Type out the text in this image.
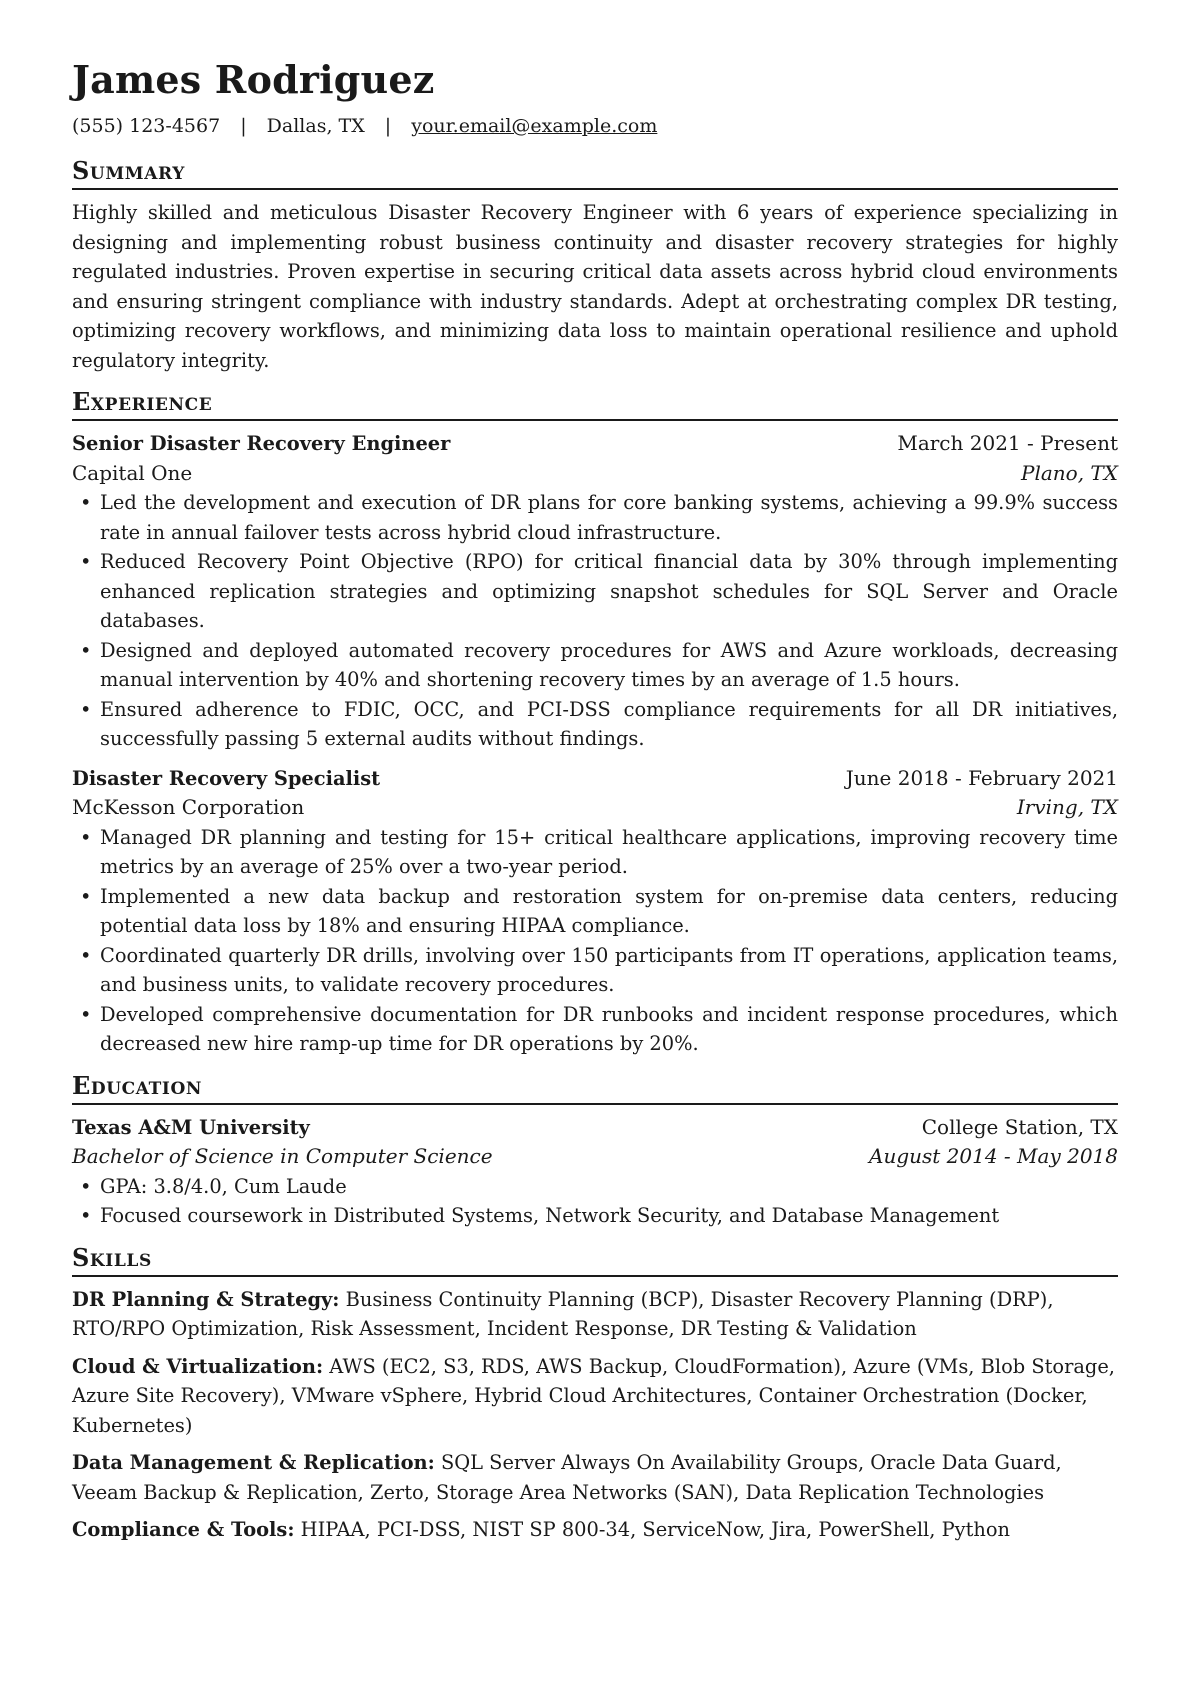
James Rodriguez
(555) 123-4567 | Dallas, TX | your.email@example.com
Summary
Highly skilled and meticulous Disaster Recovery Engineer with 6 years of experience specializing in designing and implementing robust business continuity and disaster recovery strategies for highly regulated industries. Proven expertise in securing critical data assets across hybrid cloud environments and ensuring stringent compliance with industry standards. Adept at orchestrating complex DR testing, optimizing recovery workflows, and minimizing data loss to maintain operational resilience and uphold regulatory integrity.
Experience
Senior Disaster Recovery Engineer	March 2021 - Present
Capital One	Plano, TX
• Led the development and execution of DR plans for core banking systems, achieving a 99.9% success rate in annual failover tests across hybrid cloud infrastructure.
• Reduced Recovery Point Objective (RPO) for critical financial data by 30% through implementing enhanced replication strategies and optimizing snapshot schedules for SQL Server and Oracle databases.
• Designed and deployed automated recovery procedures for AWS and Azure workloads, decreasing manual intervention by 40% and shortening recovery times by an average of 1.5 hours.
• Ensured adherence to FDIC, OCC, and PCI-DSS compliance requirements for all DR initiatives, successfully passing 5 external audits without findings.
Disaster Recovery Specialist	June 2018 - February 2021
McKesson Corporation	Irving, TX
• Managed DR planning and testing for 15+ critical healthcare applications, improving recovery time metrics by an average of 25% over a two-year period.
• Implemented a new data backup and restoration system for on-premise data centers, reducing potential data loss by 18% and ensuring HIPAA compliance.
• Coordinated quarterly DR drills, involving over 150 participants from IT operations, application teams, and business units, to validate recovery procedures.
• Developed comprehensive documentation for DR runbooks and incident response procedures, which decreased new hire ramp-up time for DR operations by 20%.
Education
Texas A&M University	College Station, TX
Bachelor of Science in Computer Science	August 2014 - May 2018
• GPA: 3.8/4.0, Cum Laude
• Focused coursework in Distributed Systems, Network Security, and Database Management
Skills
DR Planning & Strategy: Business Continuity Planning (BCP), Disaster Recovery Planning (DRP), RTO/RPO Optimization, Risk Assessment, Incident Response, DR Testing & Validation
Cloud & Virtualization: AWS (EC2, S3, RDS, AWS Backup, CloudFormation), Azure (VMs, Blob Storage, Azure Site Recovery), VMware vSphere, Hybrid Cloud Architectures, Container Orchestration (Docker, Kubernetes)
Data Management & Replication: SQL Server Always On Availability Groups, Oracle Data Guard, Veeam Backup & Replication, Zerto, Storage Area Networks (SAN), Data Replication Technologies
Compliance & Tools: HIPAA, PCI-DSS, NIST SP 800-34, ServiceNow, Jira, PowerShell, Python
